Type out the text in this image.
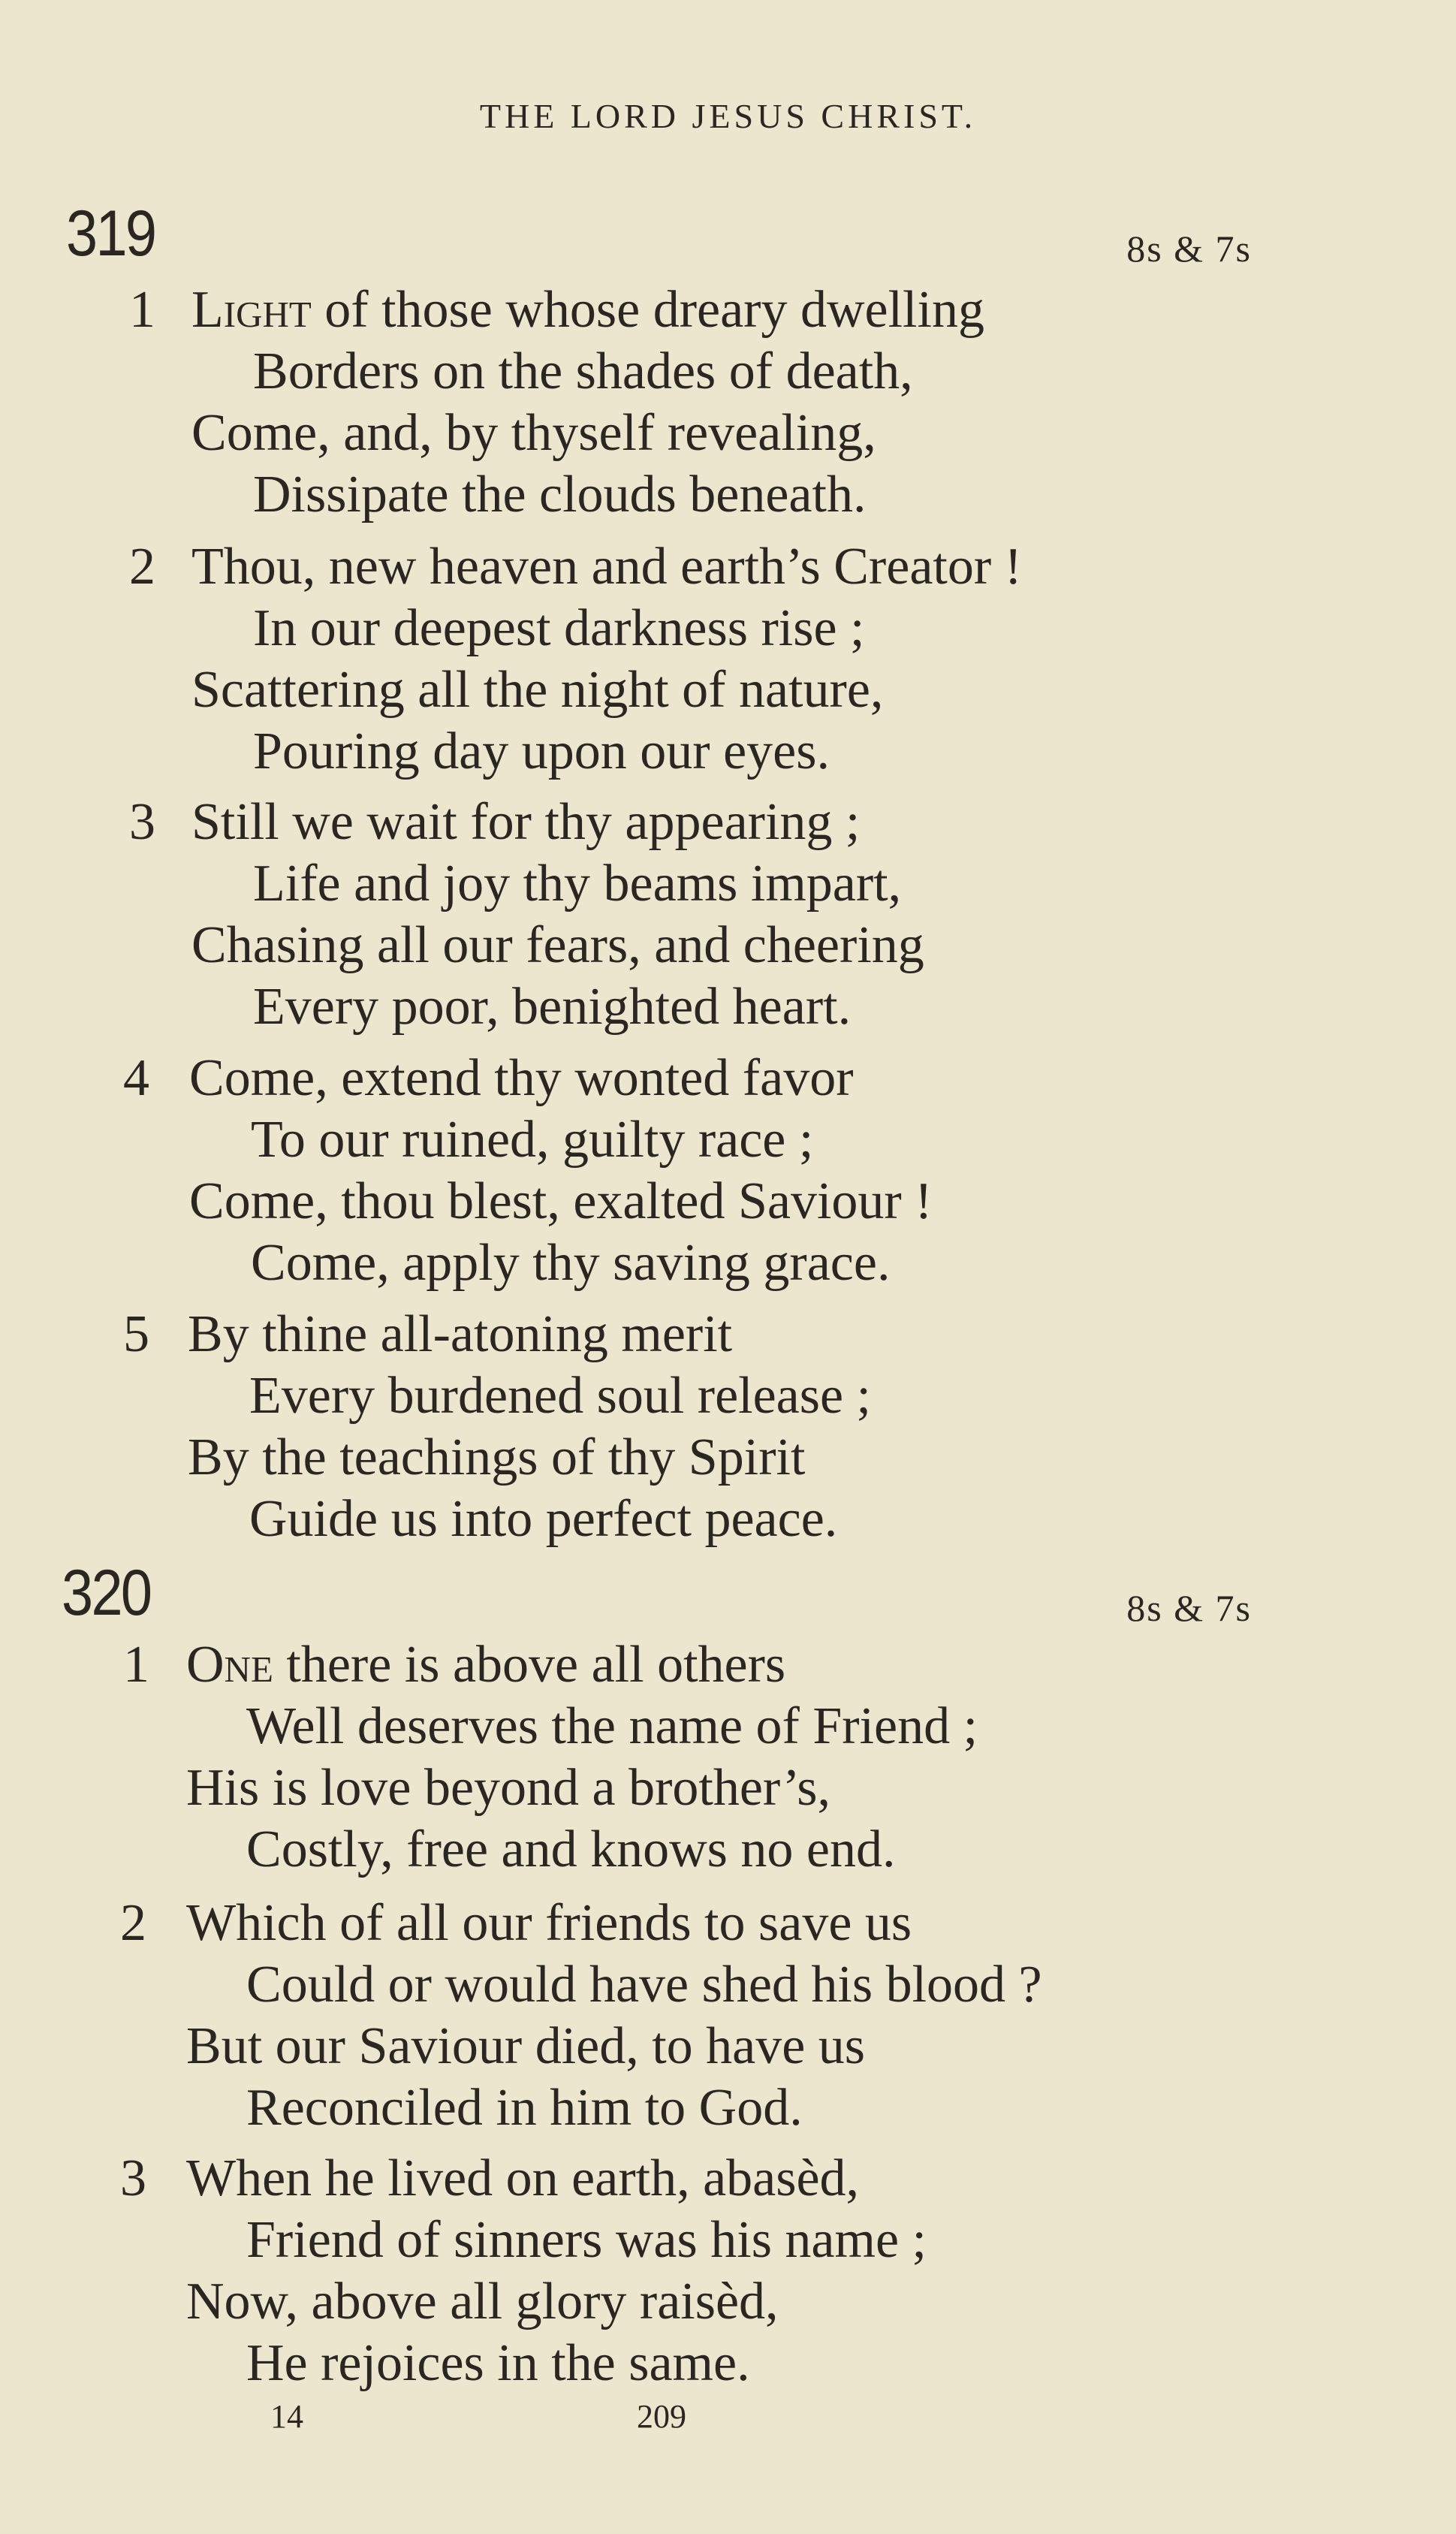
THE LORD JESUS CHRIST.
319	8s & 7s
1 Light of those whose dreary dwelling
Borders on the shades of death,
Come, and, by thyself revealing,
Dissipate the clouds beneath.
2 Thou, new heaven and earth’s Creator !
In our deepest darkness rise ;
Scattering all the night of nature,
Pouring day upon our eyes.
3 Still we wait for thy appearing ;
Life and joy thy beams impart,
Chasing all our fears, and cheering
Every poor, benighted heart.
4 Come, extend thy wonted favor
To our ruined, guilty race ;
Come, thou blest, exalted Saviour !
Come, apply thy saving grace.
5 By thine all-atoning merit
Every burdened soul release ;
By the teachings of thy Spirit
Guide us into perfect peace.
320	8s & 7s
1 One there is above all others
Well deserves the name of Friend ;
His is love beyond a brother’s,
Costly, free and knows no end.
2 Which of all our friends to save us
Could or would have shed his blood ?
But our Saviour died, to have us
Reconciled in him to God.
3 When he lived on earth, abasèd,
Friend of sinners was his name ;
Now, above all glory raisèd,
He rejoices in the same.
14	209
